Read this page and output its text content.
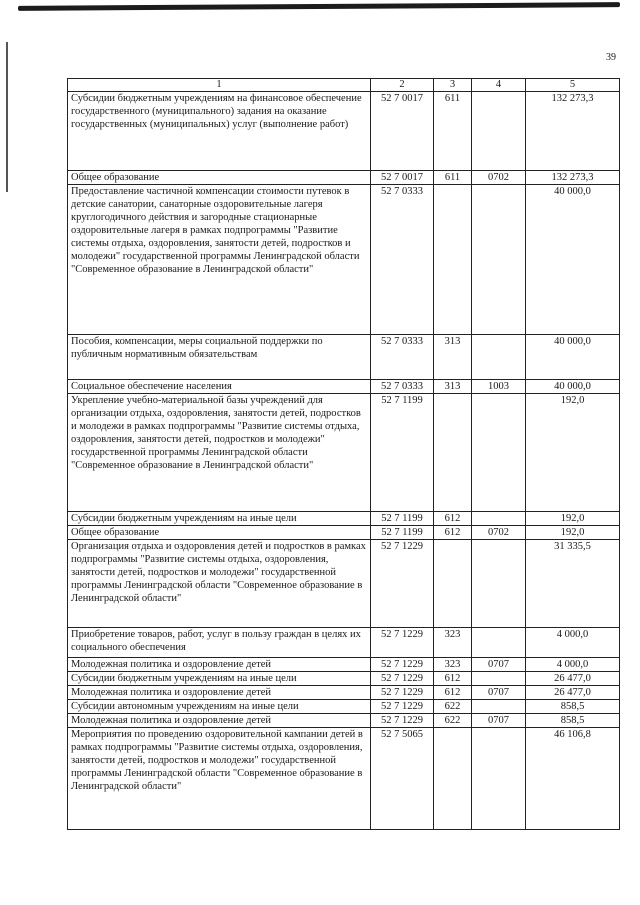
39
1	2	3	4	5
Субсидии бюджетным учреждениям на финансовое обеспечение государственного (муниципального) задания на оказание государственных (муниципальных) услуг (выполнение работ)	52 7 0017	611		132 273,3
Общее образование	52 7 0017	611	0702	132 273,3
Предоставление частичной компенсации стоимости путевок в детские санатории, санаторные оздоровительные лагеря круглогодичного действия и загородные стационарные оздоровительные лагеря в рамках подпрограммы "Развитие системы отдыха, оздоровления, занятости детей, подростков и молодежи" государственной программы Ленинградской области "Современное образование в Ленинградской области"	52 7 0333			40 000,0
Пособия, компенсации, меры социальной поддержки по публичным нормативным обязательствам	52 7 0333	313		40 000,0
Социальное обеспечение населения	52 7 0333	313	1003	40 000,0
Укрепление учебно-материальной базы учреждений для организации отдыха, оздоровления, занятости детей, подростков и молодежи в рамках подпрограммы "Развитие системы отдыха, оздоровления, занятости детей, подростков и молодежи" государственной программы Ленинградской области "Современное образование в Ленинградской области"	52 7 1199			192,0
Субсидии бюджетным учреждениям на иные цели	52 7 1199	612		192,0
Общее образование	52 7 1199	612	0702	192,0
Организация отдыха и оздоровления детей и подростков в рамках подпрограммы "Развитие системы отдыха, оздоровления, занятости детей, подростков и молодежи" государственной программы Ленинградской области "Современное образование в Ленинградской области"	52 7 1229			31 335,5
Приобретение товаров, работ, услуг в пользу граждан в целях их социального обеспечения	52 7 1229	323		4 000,0
Молодежная политика и оздоровление детей	52 7 1229	323	0707	4 000,0
Субсидии бюджетным учреждениям на иные цели	52 7 1229	612		26 477,0
Молодежная политика и оздоровление детей	52 7 1229	612	0707	26 477,0
Субсидии автономным учреждениям на иные цели	52 7 1229	622		858,5
Молодежная политика и оздоровление детей	52 7 1229	622	0707	858,5
Мероприятия по проведению оздоровительной кампании детей в рамках подпрограммы "Развитие системы отдыха, оздоровления, занятости детей, подростков и молодежи" государственной программы Ленинградской области "Современное образование в Ленинградской области"	52 7 5065			46 106,8
